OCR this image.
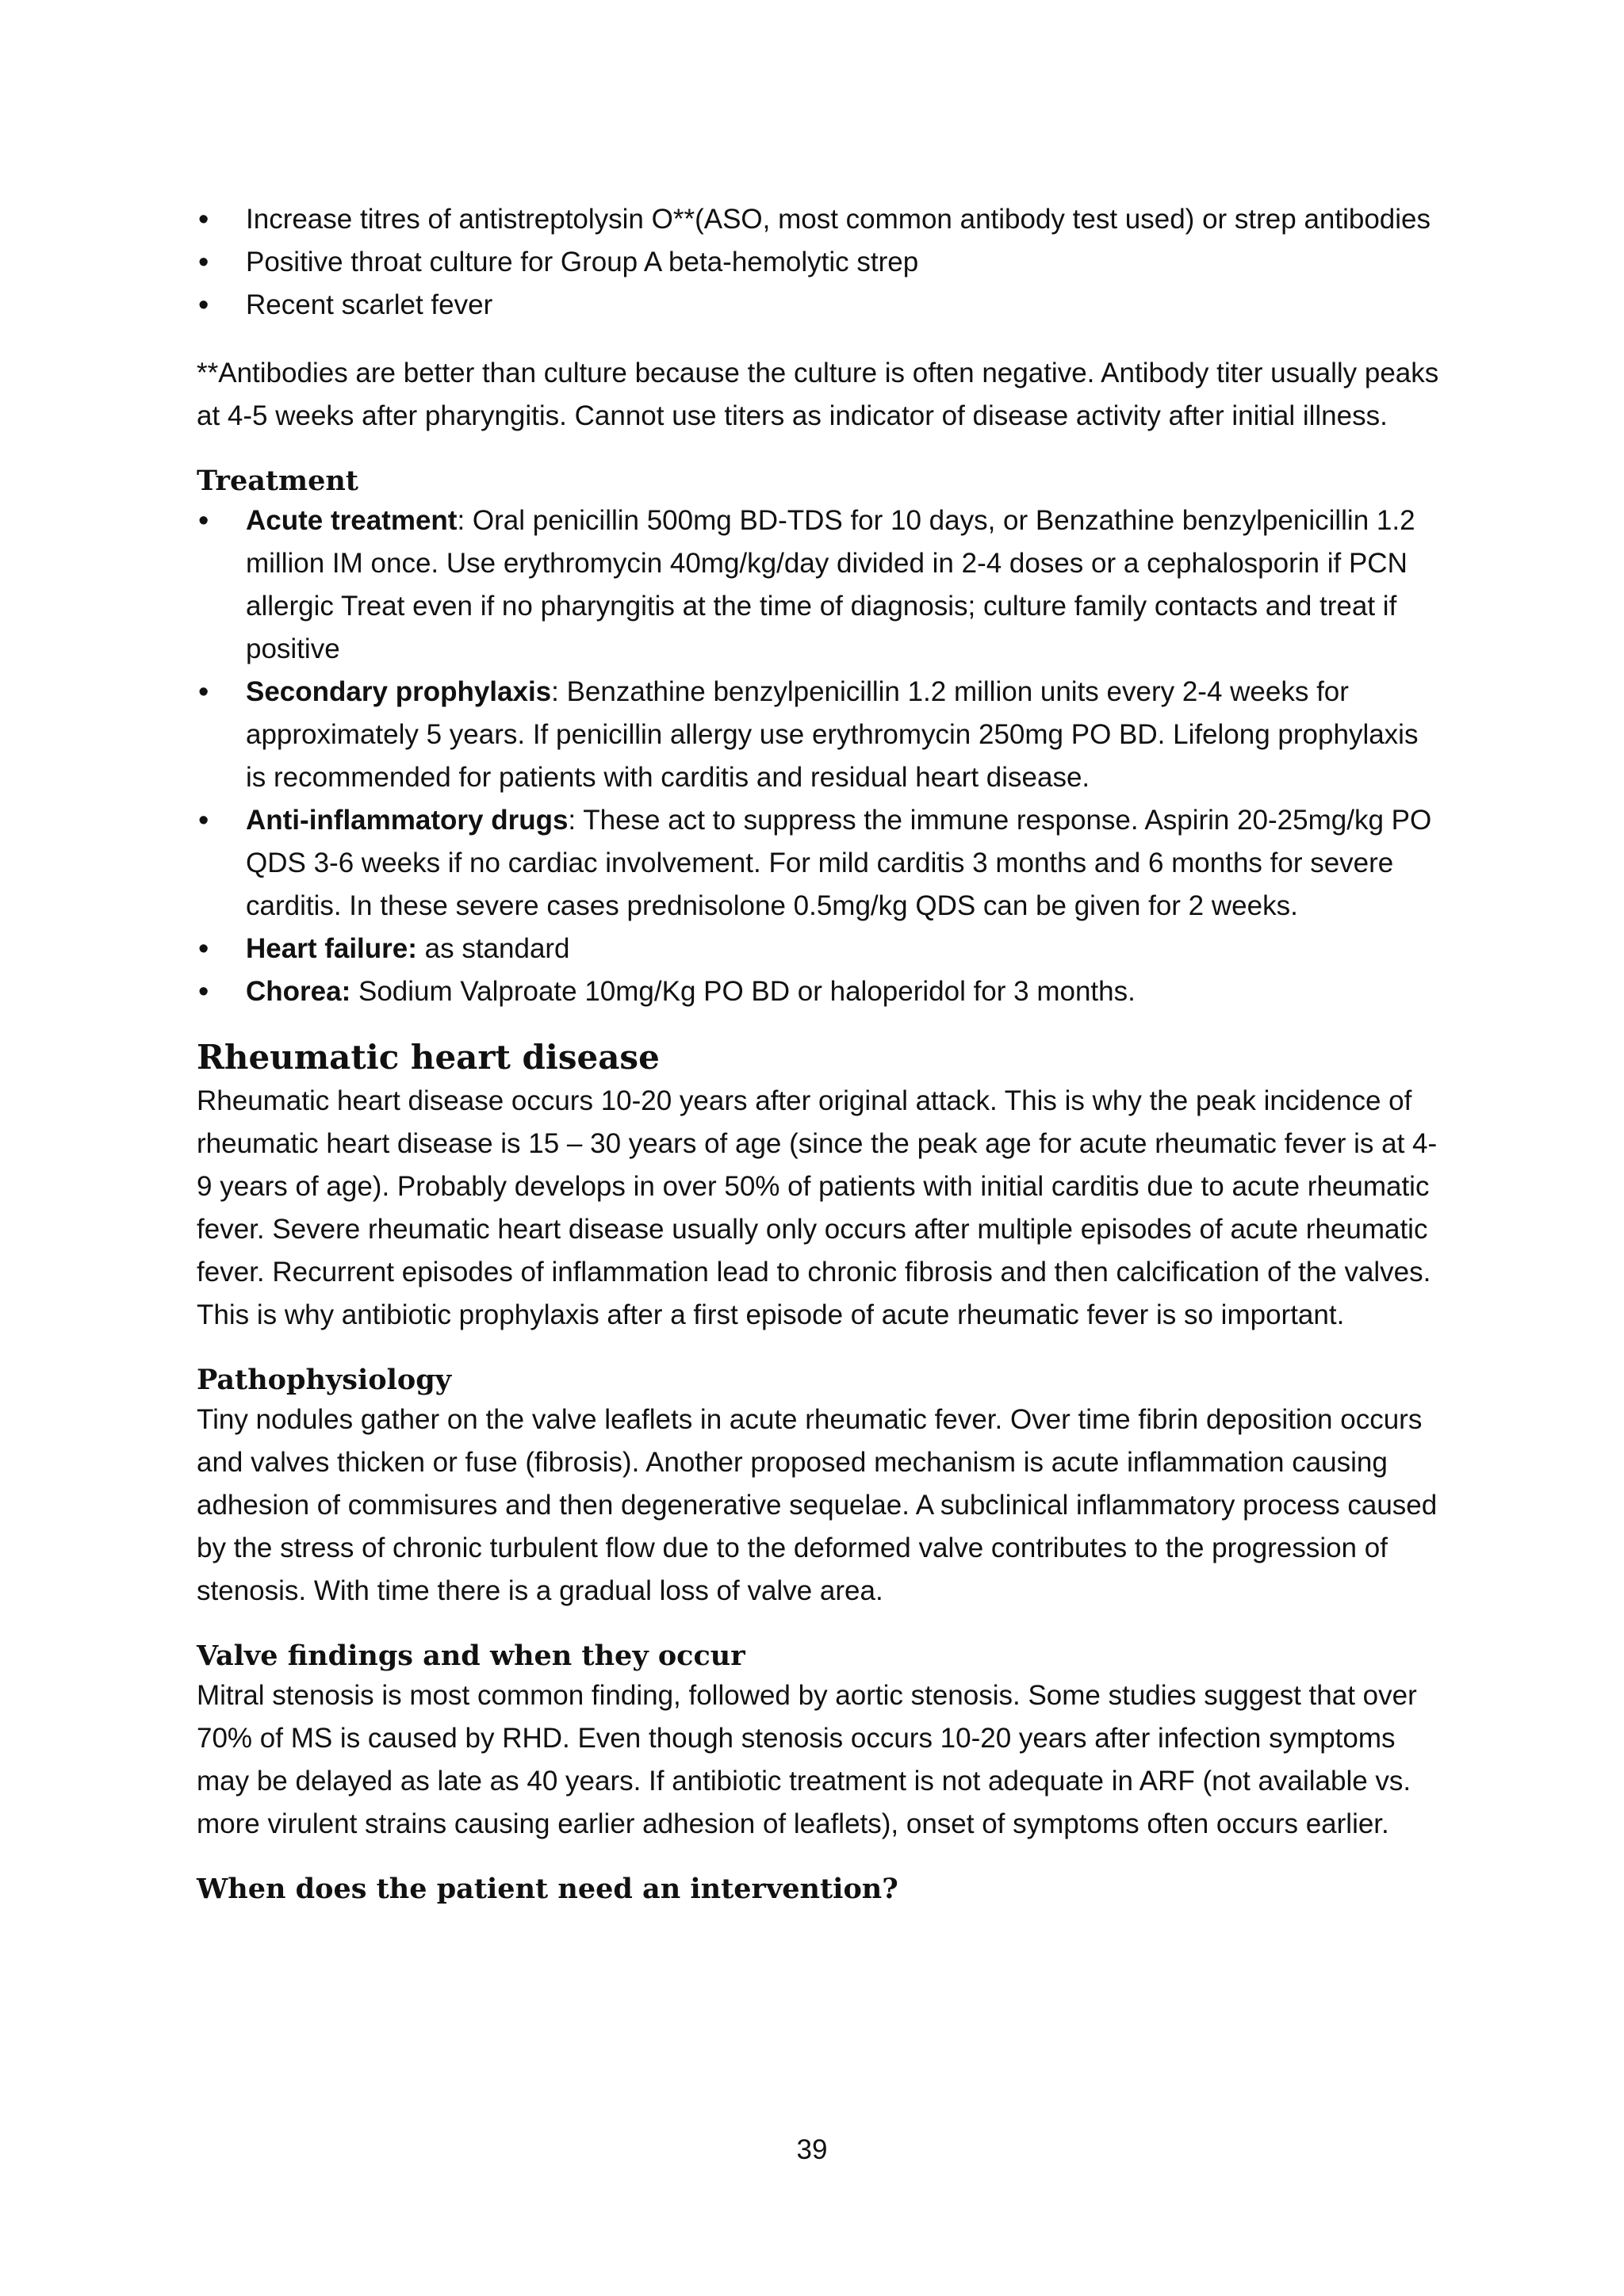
• Increase titres of antistreptolysin O**(ASO, most common antibody test used) or strep antibodies
• Positive throat culture for Group A beta-hemolytic strep
• Recent scarlet fever

**Antibodies are better than culture because the culture is often negative. Antibody titer usually peaks at 4-5 weeks after pharyngitis. Cannot use titers as indicator of disease activity after initial illness.

Treatment
• Acute treatment: Oral penicillin 500mg BD-TDS for 10 days, or Benzathine benzylpenicillin 1.2 million IM once. Use erythromycin 40mg/kg/day divided in 2-4 doses or a cephalosporin if PCN allergic Treat even if no pharyngitis at the time of diagnosis; culture family contacts and treat if positive
• Secondary prophylaxis: Benzathine benzylpenicillin 1.2 million units every 2-4 weeks for approximately 5 years. If penicillin allergy use erythromycin 250mg PO BD. Lifelong prophylaxis is recommended for patients with carditis and residual heart disease.
• Anti-inflammatory drugs: These act to suppress the immune response. Aspirin 20-25mg/kg PO QDS 3-6 weeks if no cardiac involvement. For mild carditis 3 months and 6 months for severe carditis. In these severe cases prednisolone 0.5mg/kg QDS can be given for 2 weeks.
• Heart failure: as standard
• Chorea: Sodium Valproate 10mg/Kg PO BD or haloperidol for 3 months.
Rheumatic heart disease

Rheumatic heart disease occurs 10-20 years after original attack. This is why the peak incidence of rheumatic heart disease is 15 – 30 years of age (since the peak age for acute rheumatic fever is at 4-9 years of age). Probably develops in over 50% of patients with initial carditis due to acute rheumatic fever. Severe rheumatic heart disease usually only occurs after multiple episodes of acute rheumatic fever. Recurrent episodes of inflammation lead to chronic fibrosis and then calcification of the valves. This is why antibiotic prophylaxis after a first episode of acute rheumatic fever is so important.

Pathophysiology

Tiny nodules gather on the valve leaflets in acute rheumatic fever. Over time fibrin deposition occurs and valves thicken or fuse (fibrosis). Another proposed mechanism is acute inflammation causing adhesion of commisures and then degenerative sequelae. A subclinical inflammatory process caused by the stress of chronic turbulent flow due to the deformed valve contributes to the progression of stenosis. With time there is a gradual loss of valve area.

Valve findings and when they occur

Mitral stenosis is most common finding, followed by aortic stenosis. Some studies suggest that over 70% of MS is caused by RHD. Even though stenosis occurs 10-20 years after infection symptoms may be delayed as late as 40 years. If antibiotic treatment is not adequate in ARF (not available vs. more virulent strains causing earlier adhesion of leaflets), onset of symptoms often occurs earlier.

When does the patient need an intervention?
39
